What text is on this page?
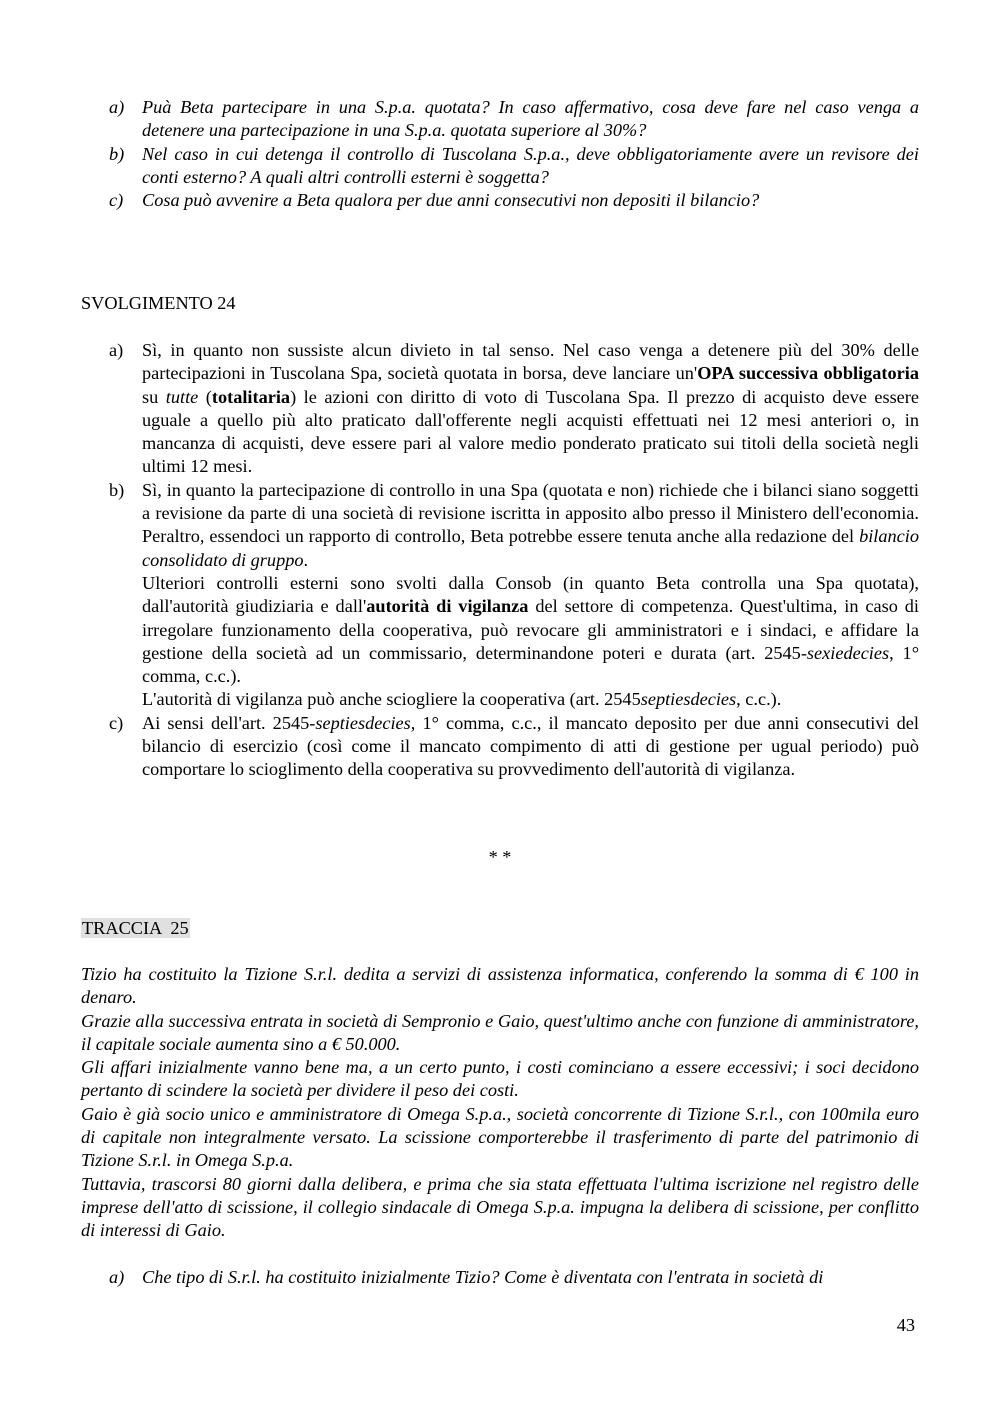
a) Puà Beta partecipare in una S.p.a. quotata? In caso affermativo, cosa deve fare nel caso venga a detenere una partecipazione in una S.p.a. quotata superiore al 30%?
b) Nel caso in cui detenga il controllo di Tuscolana S.p.a., deve obbligatoriamente avere un revisore dei conti esterno? A quali altri controlli esterni è soggetta?
c) Cosa può avvenire a Beta qualora per due anni consecutivi non depositi il bilancio?
SVOLGIMENTO 24
a) Sì, in quanto non sussiste alcun divieto in tal senso. Nel caso venga a detenere più del 30% delle partecipazioni in Tuscolana Spa, società quotata in borsa, deve lanciare un'OPA successiva obbligatoria su tutte (totalitaria) le azioni con diritto di voto di Tuscolana Spa. Il prezzo di acquisto deve essere uguale a quello più alto praticato dall'offerente negli acquisti effettuati nei 12 mesi anteriori o, in mancanza di acquisti, deve essere pari al valore medio ponderato praticato sui titoli della società negli ultimi 12 mesi.
b) Sì, in quanto la partecipazione di controllo in una Spa (quotata e non) richiede che i bilanci siano soggetti a revisione da parte di una società di revisione iscritta in apposito albo presso il Ministero dell'economia. Peraltro, essendoci un rapporto di controllo, Beta potrebbe essere tenuta anche alla redazione del bilancio consolidato di gruppo.

Ulteriori controlli esterni sono svolti dalla Consob (in quanto Beta controlla una Spa quotata), dall'autorità giudiziaria e dall'autorità di vigilanza del settore di competenza. Quest'ultima, in caso di irregolare funzionamento della cooperativa, può revocare gli amministratori e i sindaci, e affidare la gestione della società ad un commissario, determinandone poteri e durata (art. 2545-sexiedecies, 1° comma, c.c.).

L'autorità di vigilanza può anche sciogliere la cooperativa (art. 2545septiesdecies, c.c.).

c) Ai sensi dell'art. 2545-septiesdecies, 1° comma, c.c., il mancato deposito per due anni consecutivi del bilancio di esercizio (così come il mancato compimento di atti di gestione per ugual periodo) può comportare lo scioglimento della cooperativa su provvedimento dell'autorità di vigilanza.
* *
TRACCIA  25

Tizio ha costituito la Tizione S.r.l. dedita a servizi di assistenza informatica, conferendo la somma di € 100 in denaro.

Grazie alla successiva entrata in società di Sempronio e Gaio, quest'ultimo anche con funzione di amministratore, il capitale sociale aumenta sino a € 50.000.

Gli affari inizialmente vanno bene ma, a un certo punto, i costi cominciano a essere eccessivi; i soci decidono pertanto di scindere la società per dividere il peso dei costi.

Gaio è già socio unico e amministratore di Omega S.p.a., società concorrente di Tizione S.r.l., con 100mila euro di capitale non integralmente versato. La scissione comporterebbe il trasferimento di parte del patrimonio di Tizione S.r.l. in Omega S.p.a.

Tuttavia, trascorsi 80 giorni dalla delibera, e prima che sia stata effettuata l'ultima iscrizione nel registro delle imprese dell'atto di scissione, il collegio sindacale di Omega S.p.a. impugna la delibera di scissione, per conflitto di interessi di Gaio.

a) Che tipo di S.r.l. ha costituito inizialmente Tizio? Come è diventata con l'entrata in società di
43
